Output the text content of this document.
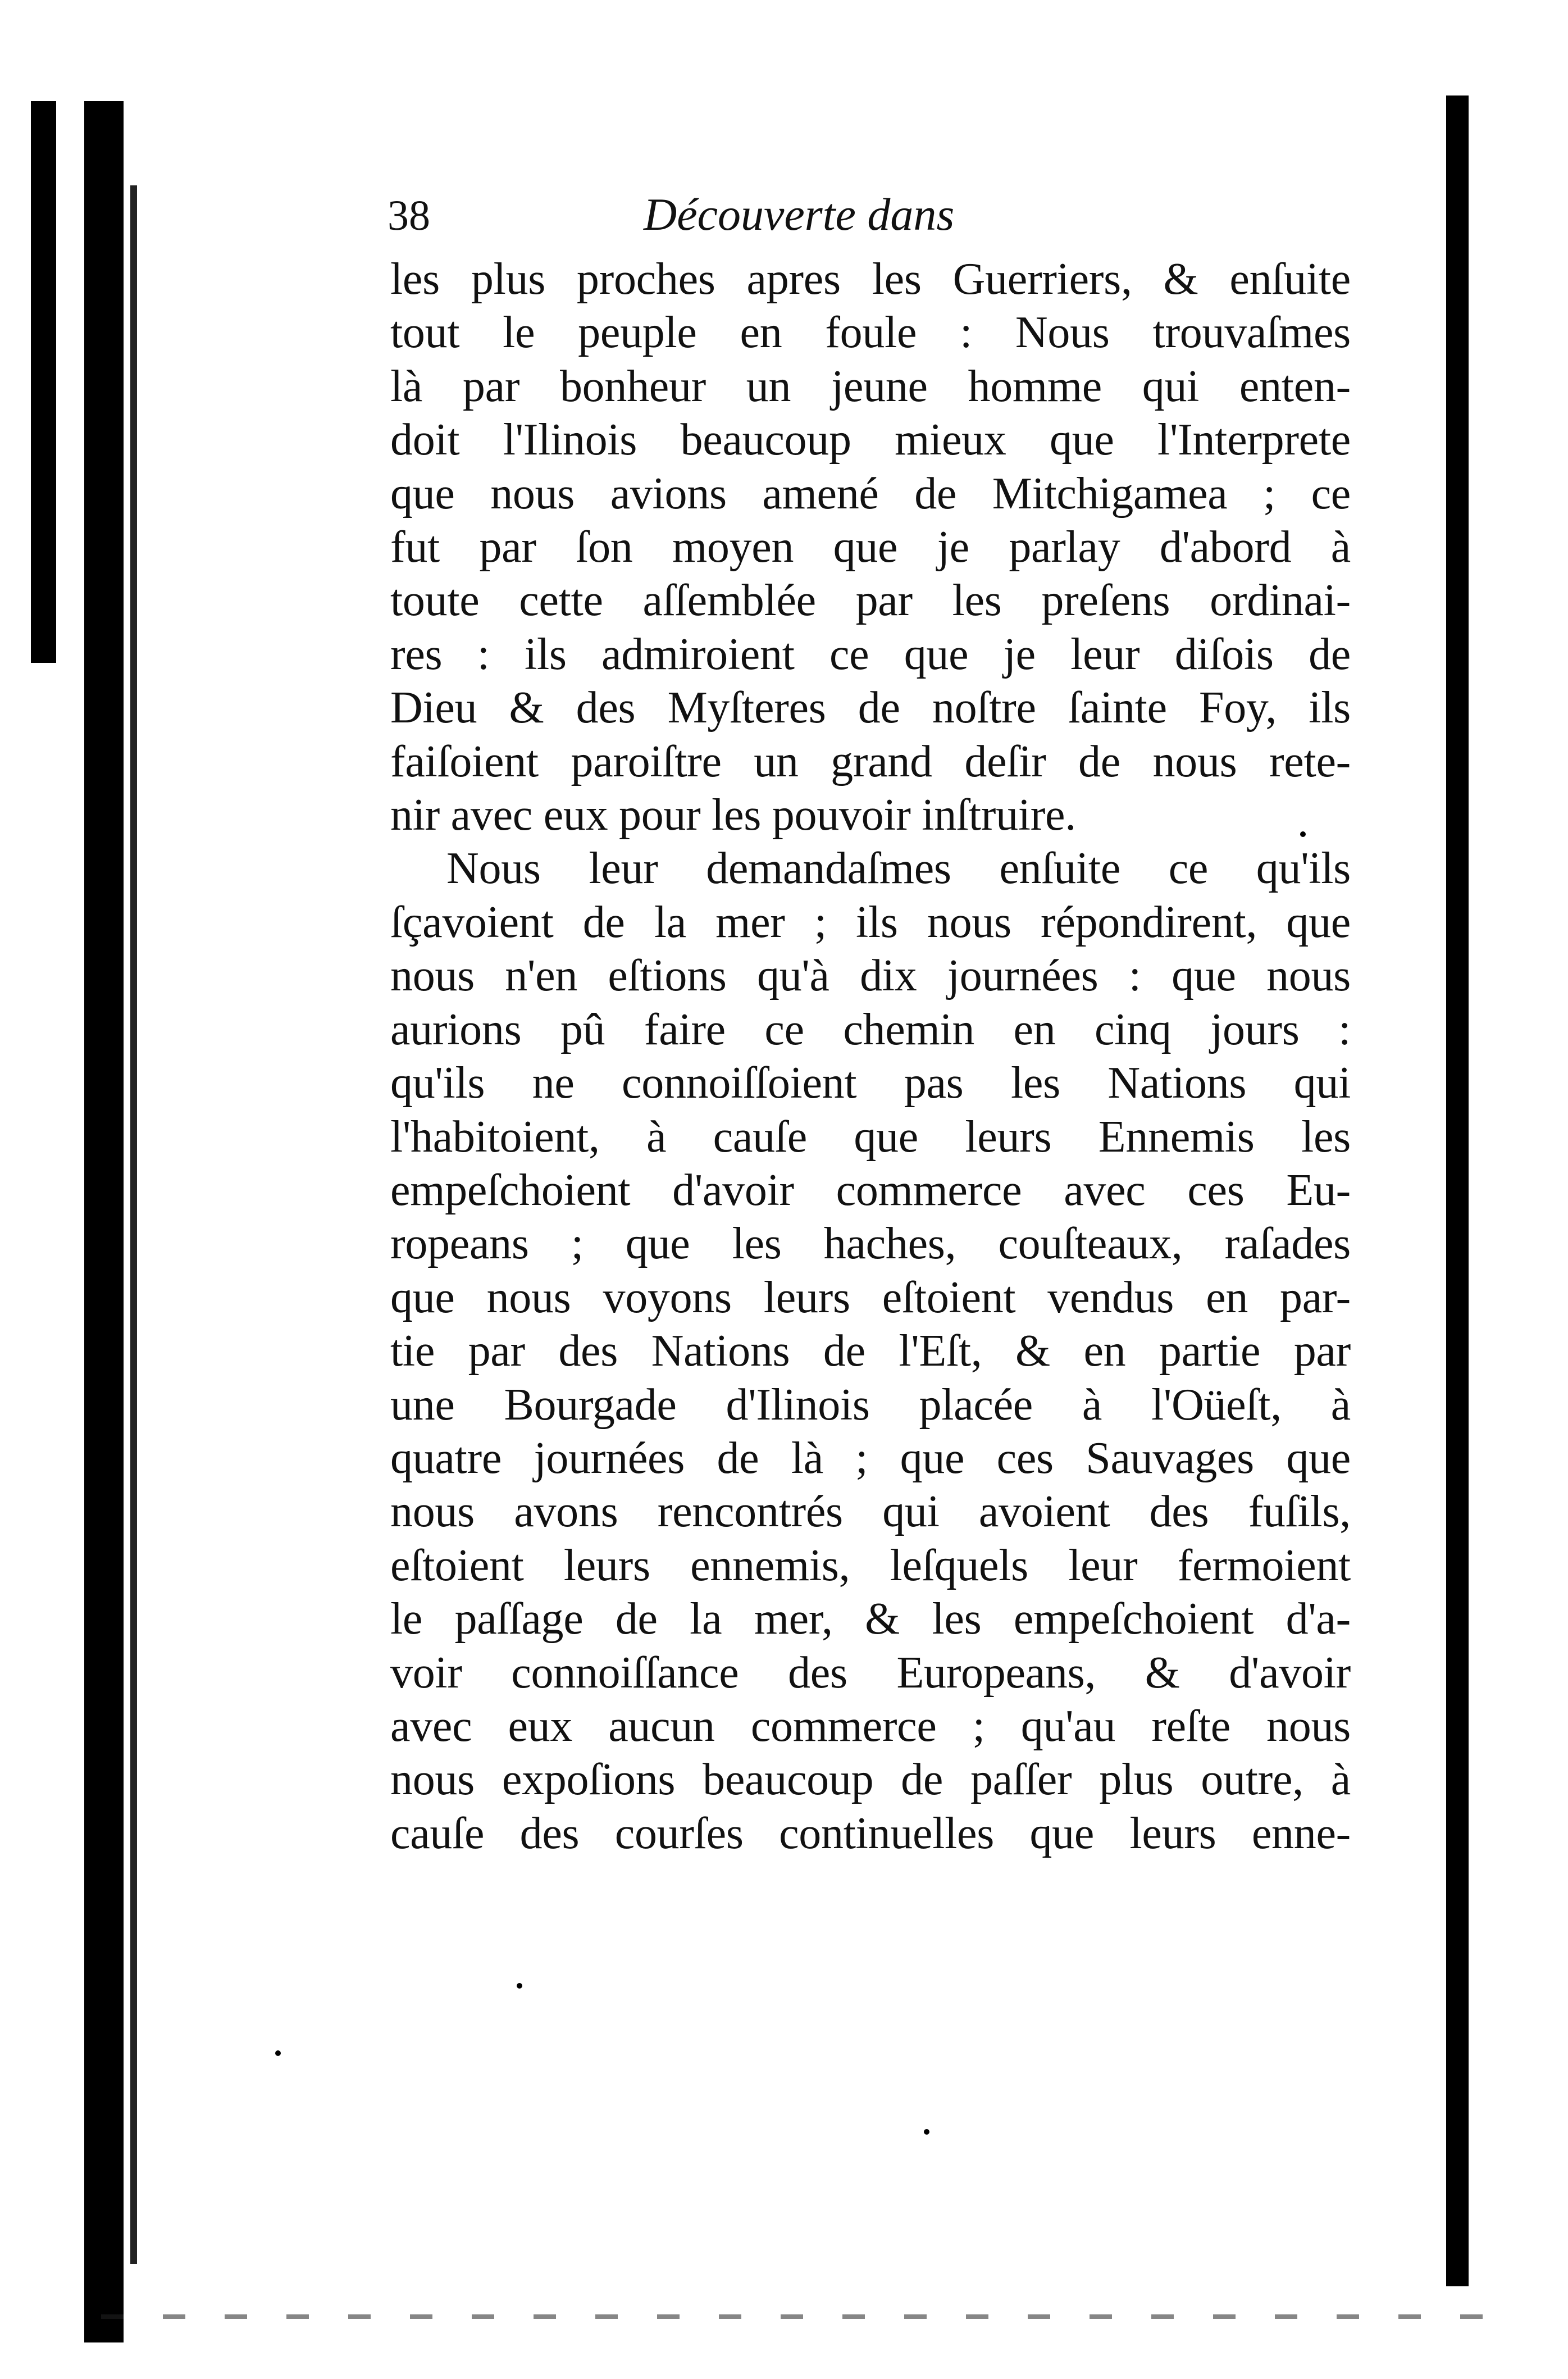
38	Découverte dans
les plus proches apres les Guerriers, & enſuite
tout le peuple en foule : Nous trouvaſmes
là par bonheur un jeune homme qui enten-
doit l'Ilinois beaucoup mieux que l'Interprete
que nous avions amené de Mitchigamea ; ce
fut par ſon moyen que je parlay d'abord à
toute cette aſſemblée par les preſens ordinai-
res : ils admiroient ce que je leur diſois de
Dieu & des Myſteres de noſtre ſainte Foy, ils
faiſoient paroiſtre un grand deſir de nous rete-
nir avec eux pour les pouvoir inſtruire.
Nous leur demandaſmes enſuite ce qu'ils
ſçavoient de la mer ; ils nous répondirent, que
nous n'en eſtions qu'à dix journées : que nous
aurions pû faire ce chemin en cinq jours :
qu'ils ne connoiſſoient pas les Nations qui
l'habitoient, à cauſe que leurs Ennemis les
empeſchoient d'avoir commerce avec ces Eu-
ropeans ; que les haches, couſteaux, raſades
que nous voyons leurs eſtoient vendus en par-
tie par des Nations de l'Eſt, & en partie par
une Bourgade d'Ilinois placée à l'Oüeſt, à
quatre journées de là ; que ces Sauvages que
nous avons rencontrés qui avoient des fuſils,
eſtoient leurs ennemis, leſquels leur fermoient
le paſſage de la mer, & les empeſchoient d'a-
voir connoiſſance des Europeans, & d'avoir
avec eux aucun commerce ; qu'au reſte nous
nous expoſions beaucoup de paſſer plus outre, à
cauſe des courſes continuelles que leurs enne-
